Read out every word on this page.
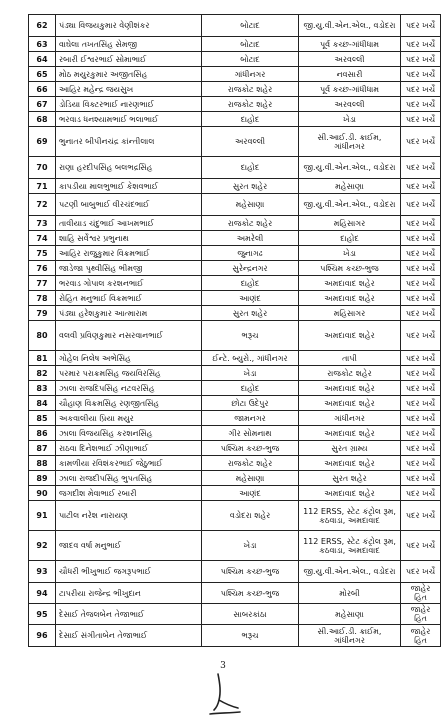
62	પંડ્યા વિજયકુમાર વેણીશંકર	બોટાદ	જી.યુ.વી.એન.એલ., વડોદરા	પદર ખર્ચે
63	વાઘેલા તખતસિંહ સેમજી	બોટાદ	પૂર્વ કચ્છ-ગાંધીધામ	પદર ખર્ચે
64	રબારી ઈશ્વરભાઈ સોમાભાઈ	બોટાદ	અરવલ્લી	પદર ખર્ચે
65	મોઠ મયુરકુમાર અજીતસિંહ	ગાંધીનગર	નવસારી	પદર ખર્ચે
66	આહિર મહેન્દ્ર જયસુખ	રાજકોટ શહેર	પૂર્વ કચ્છ-ગાંધીધામ	પદર ખર્ચે
67	ડોડિયા વિક્ટરભાઈ નારણભાઈ	રાજકોટ શહેર	અરવલ્લી	પદર ખર્ચે
68	ભરવાડ ધનશ્યામભાઈ ભલાભાઈ	દાહોદ	ખેડા	પદર ખર્ચે
69	ભુનાતર બીપીનચંદ્ર કાંન્તીલાલ	અરવલ્લી	સી.આઈ.ડી. ક્રાઈમ, ગાંધીનગર	પદર ખર્ચે
70	રાણા હરદીપસિંહ બલભદ્રસિંહ	દાહોદ	જી.યુ.વી.એન.એલ., વડોદરા	પદર ખર્ચે
71	કાપડીયા માલભુભાઈ કેશવભાઈ	સુરત શહેર	મહેસાણા	પદર ખર્ચે
72	પટણી બાબુભાઈ વીરચંદભાઈ	મહેસાણા	જી.યુ.વી.એન.એલ., વડોદરા	પદર ખર્ચે
73	તાવીયાડ ચંદુભાઈ આખમભાઈ	રાજકોટ શહેર	મહિસાગર	પદર ખર્ચે
74	શાહિ સર્વેશ્વર પ્રભુનાથ	અમરેલી	દાહોદ	પદર ખર્ચે
75	આહિર રાજુકુમાર વિક્રમભાઈ	જુનાગઢ	ખેડા	પદર ખર્ચે
76	જાડેજા પૃથ્વીસિંહ ભીમજી	સુરેન્દ્રનગર	પશ્ચિમ કચ્છ-ભુજ	પદર ખર્ચે
77	ભરવાડ ગોપાલ કરશનભાઈ	દાહોદ	અમદાવાદ શહેર	પદર ખર્ચે
78	રોહિત મનુભાઈ વિક્રમભાઈ	આણંદ	અમદાવાદ શહેર	પદર ખર્ચે
79	પંડ્યા હરેશકુમાર આત્મારામ	સુરત શહેર	મહિસાગર	પદર ખર્ચે
80	વલવી પ્રવિણકુમાર નસરવાનભાઈ	ભરૂચ	અમદાવાદ શહેર	પદર ખર્ચે
81	ગોહેલ નિલેષ અભેસિંહ	ઈન્ટે. બ્યુરો., ગાંધીનગર	તાપી	પદર ખર્ચે
82	પરમાર પરાક્રમસિંહ જયવિરસિંહ	ખેડા	રાજકોટ શહેર	પદર ખર્ચે
83	ઝાલા રાજદિપસિંહ નટવરસિંહ	દાહોદ	અમદાવાદ શહેર	પદર ખર્ચે
84	ચૌહાણ વિક્રમસિંહ રણજીતસિંહ	છોટા ઉદેપુર	અમદાવાદ શહેર	પદર ખર્ચે
85	અકવાલીયા પ્રિયા મયુર	જામનગર	ગાંધીનગર	પદર ખર્ચે
86	ઝાલા વિજયસિંહ કરશનસિંહ	ગીર સોમનાથ	અમદાવાદ શહેર	પદર ખર્ચે
87	રાઠવા દિનેશભાઈ ઝીણાભાઈ	પશ્ચિમ કચ્છ-ભુજ	સુરત ગ્રામ્ય	પદર ખર્ચે
88	કામળીયા રવિશંકરભાઈ જેઠુભાઈ	રાજકોટ શહેર	અમદાવાદ શહેર	પદર ખર્ચે
89	ઝાલા રાજદીપસિંહ ભુપતસિંહ	મહેસાણા	સુરત શહેર	પદર ખર્ચે
90	જગદીશ મેવાભાઈ રબારી	આણંદ	અમદાવાદ શહેર	પદર ખર્ચે
91	પાટીલ નરેશ નારાયણ	વડોદરા શહેર	112 ERSS, સ્ટેટ કંટ્રોલ રૂમ, કઠવાડા, અમદાવાદ	પદર ખર્ચે
92	જાદવ વર્ષા મનુભાઈ	ખેડા	112 ERSS, સ્ટેટ કંટ્રોલ રૂમ, કઠવાડા, અમદાવાદ	પદર ખર્ચે
93	ચૌધરી ભીખુભાઈ જગરૂપભાઈ	પશ્ચિમ કચ્છ-ભુજ	જી.યુ.વી.એન.એલ., વડોદરા	પદર ખર્ચે
94	ટાપરીયા રાજેન્દ્ર ભીખુદાન	પશ્ચિમ કચ્છ-ભુજ	મોરબી	જાહેર હિત
95	દેસાઈ તેજલબેન તેજાભાઈ	સાબરકાંઠા	મહેસાણા	જાહેર હિત
96	દેસાઈ સંગીતાબેન તેજાભાઈ	ભરૂચ	સી.આઈ.ડી. ક્રાઈમ, ગાંધીનગર	જાહેર હિત
3
